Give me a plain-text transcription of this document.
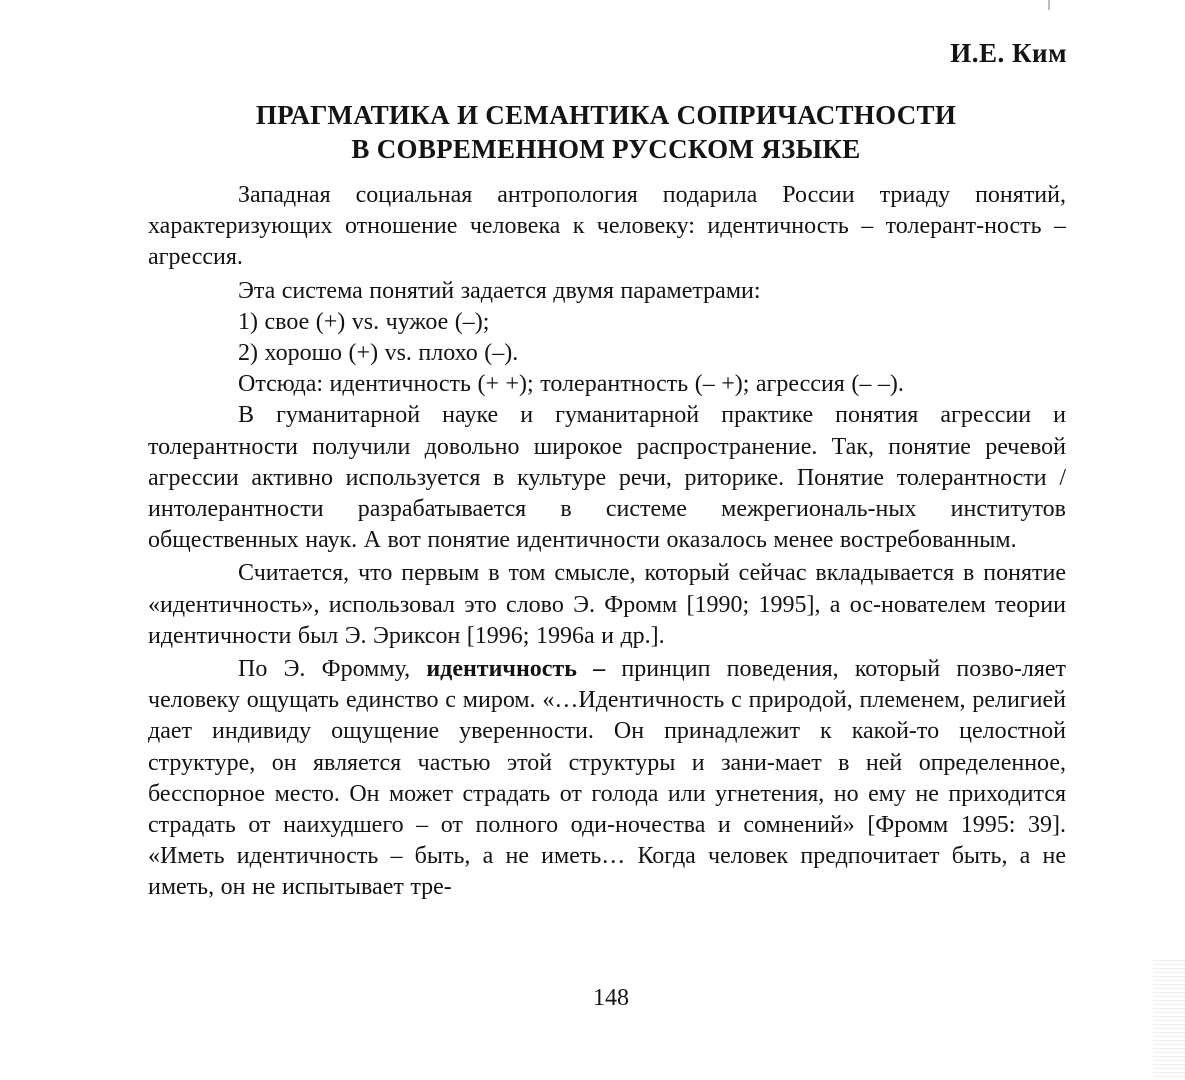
И.Е. Ким

ПРАГМАТИКА И СЕМАНТИКА СОПРИЧАСТНОСТИ
В СОВРЕМЕННОМ РУССКОМ ЯЗЫКЕ

Западная социальная антропология подарила России триаду понятий, характеризующих отношение человека к человеку: идентичность – толерант-ность – агрессия.

Эта система понятий задается двумя параметрами:

1) свое (+) vs. чужое (–);

2) хорошо (+) vs. плохо (–).

Отсюда: идентичность (+ +); толерантность (– +); агрессия (– –).

В гуманитарной науке и гуманитарной практике понятия агрессии и толерантности получили довольно широкое распространение. Так, понятие речевой агрессии активно используется в культуре речи, риторике. Понятие толерантности / интолерантности разрабатывается в системе межрегиональ-ных институтов общественных наук. А вот понятие идентичности оказалось менее востребованным.

Считается, что первым в том смысле, который сейчас вкладывается в понятие «идентичность», использовал это слово Э. Фромм [1990; 1995], а ос-нователем теории идентичности был Э. Эриксон [1996; 1996а и др.].

По Э. Фромму, идентичность – принцип поведения, который позво-ляет человеку ощущать единство с миром. «…Идентичность с природой, племенем, религией дает индивиду ощущение уверенности. Он принадлежит к какой-то целостной структуре, он является частью этой структуры и зани-мает в ней определенное, бесспорное место. Он может страдать от голода или угнетения, но ему не приходится страдать от наихудшего – от полного оди-ночества и сомнений» [Фромм 1995: 39]. «Иметь идентичность – быть, а не иметь… Когда человек предпочитает быть, а не иметь, он не испытывает тре-

148
